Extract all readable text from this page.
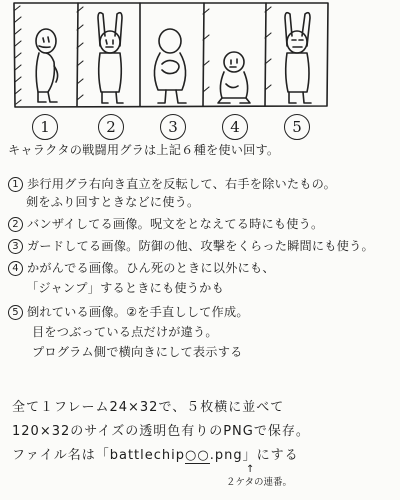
1	2	3	4	5
キャラクタの戦闘用グラは上記６種を使い回す。
1 歩行用グラ右向き直立を反転して、右手を除いたもの。
剣をふり回すときなどに使う。
2 バンザイしてる画像。呪文をとなえてる時にも使う。
3 ガードしてる画像。防御の他、攻撃をくらった瞬間にも使う。
4 かがんでる画像。ひん死のときに以外にも、
「ジャンプ」するときにも使うかも
5 倒れている画像。②を手直しして作成。
目をつぶっている点だけが違う。
プログラム側で横向きにして表示する
全て１フレーム24×32で、５枚横に並べて
120×32のサイズの透明色有りのPNGで保存。
ファイル名は「battlechip○○.png」にする
↑
２ケタの連番。
